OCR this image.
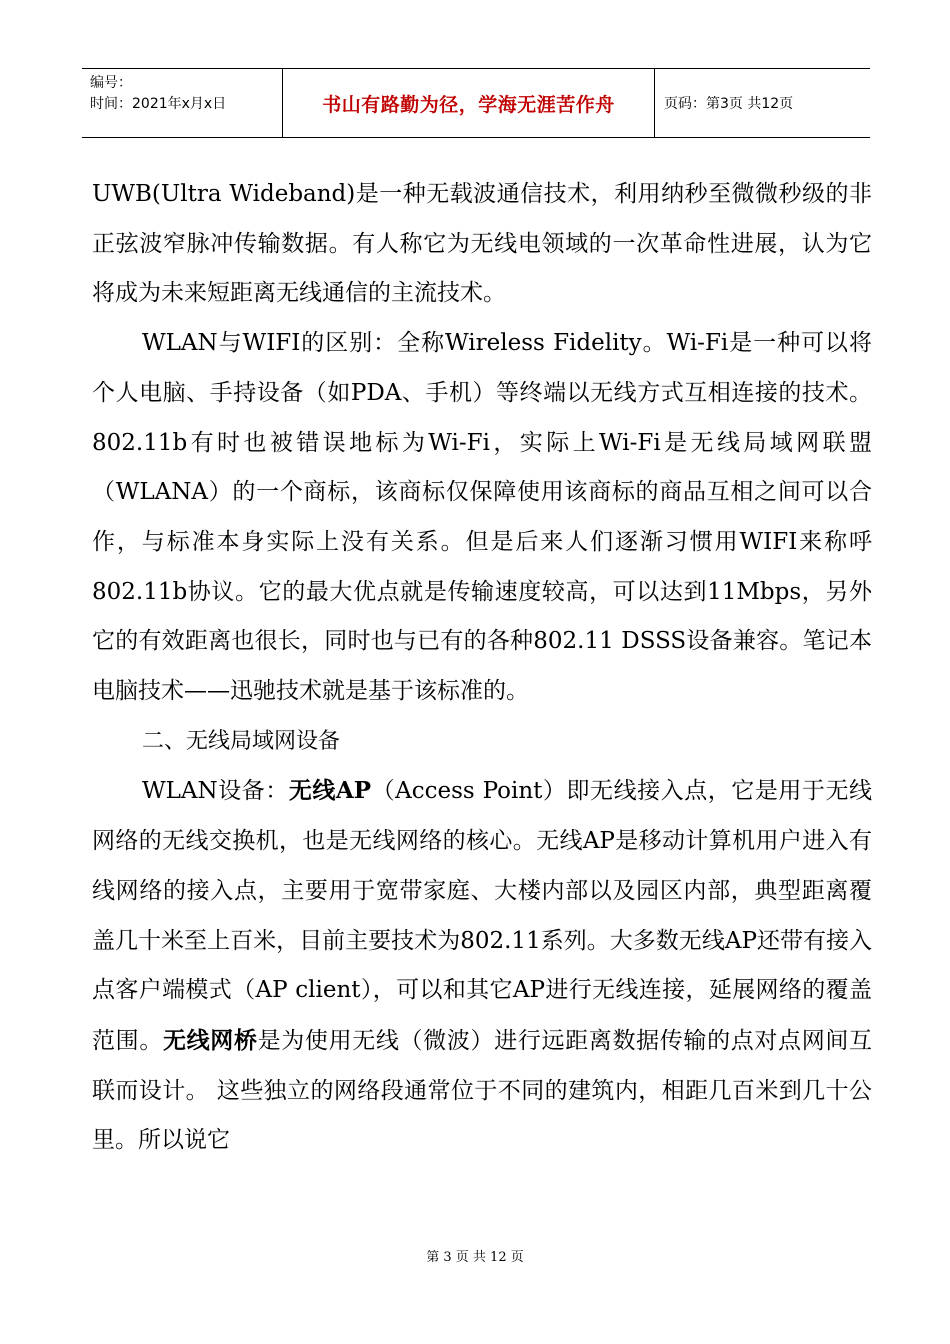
编号：
时间：2021年x月x日	书山有路勤为径，学海无涯苦作舟	页码：第3页 共12页

UWB(Ultra Wideband)是一种无载波通信技术，利用纳秒至微微秒级的非正弦波窄脉冲传输数据。有人称它为无线电领域的一次革命性进展，认为它将成为未来短距离无线通信的主流技术。

WLAN与WIFI的区别：全称Wireless Fidelity。Wi-Fi是一种可以将个人电脑、手持设备（如PDA、手机）等终端以无线方式互相连接的技术。802.11b有时也被错误地标为Wi-Fi，实际上Wi-Fi是无线局域网联盟（WLANA）的一个商标，该商标仅保障使用该商标的商品互相之间可以合作，与标准本身实际上没有关系。但是后来人们逐渐习惯用WIFI来称呼802.11b协议。它的最大优点就是传输速度较高，可以达到11Mbps，另外它的有效距离也很长，同时也与已有的各种802.11 DSSS设备兼容。笔记本电脑技术——迅驰技术就是基于该标准的。

二、无线局域网设备

WLAN设备：无线AP（Access Point）即无线接入点，它是用于无线网络的无线交换机，也是无线网络的核心。无线AP是移动计算机用户进入有线网络的接入点，主要用于宽带家庭、大楼内部以及园区内部，典型距离覆盖几十米至上百米，目前主要技术为802.11系列。大多数无线AP还带有接入点客户端模式（AP client），可以和其它AP进行无线连接，延展网络的覆盖范围。无线网桥是为使用无线（微波）进行远距离数据传输的点对点网间互联而设计。 这些独立的网络段通常位于不同的建筑内，相距几百米到几十公里。所以说它

第 3 页 共 12 页
